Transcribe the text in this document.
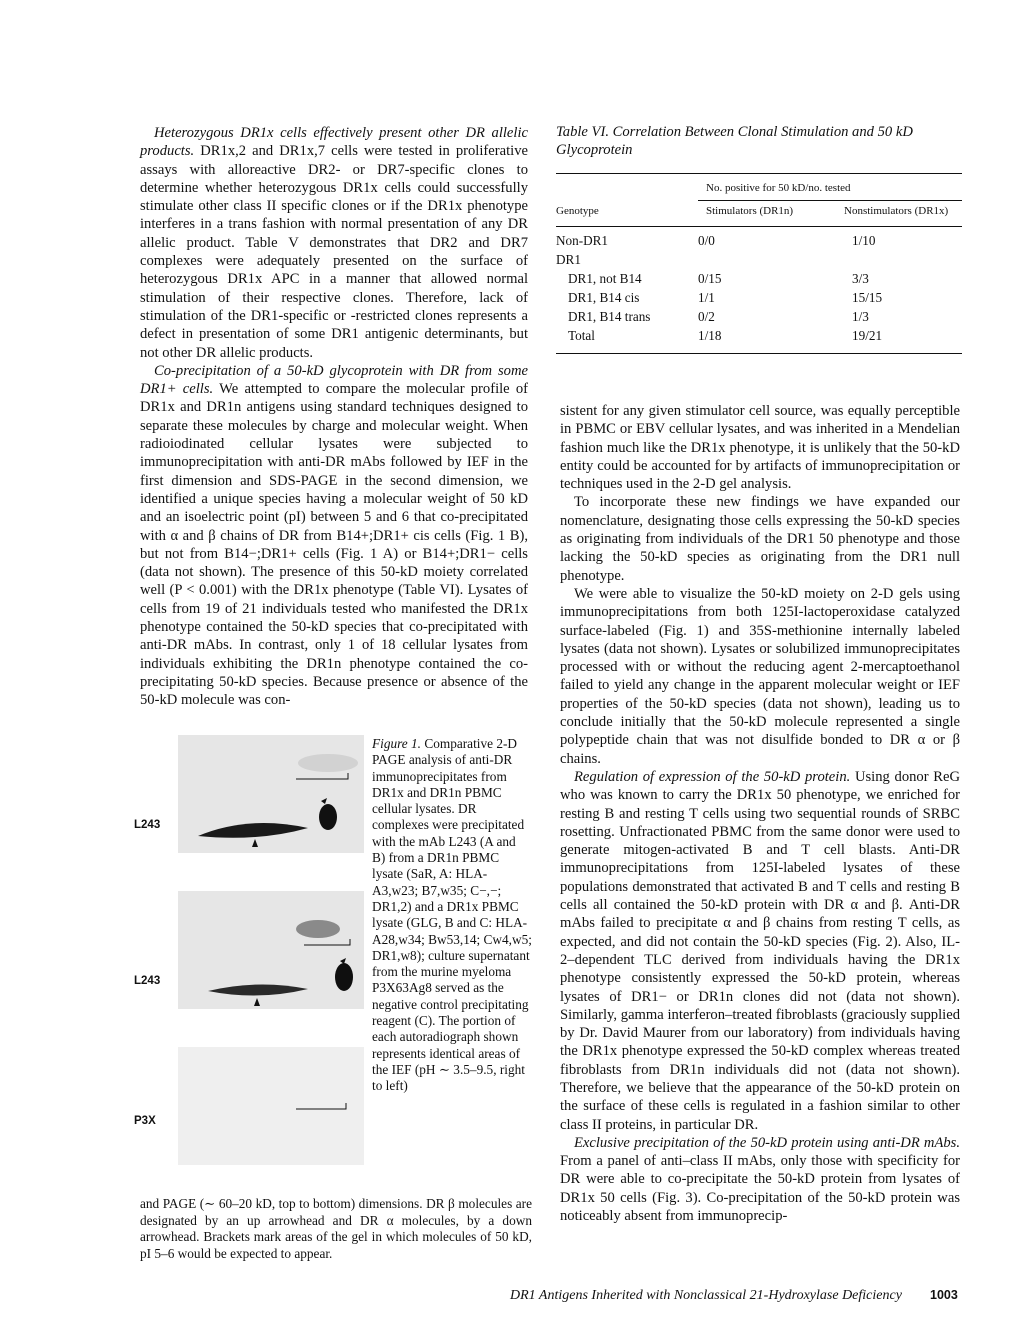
Heterozygous DR1x cells effectively present other DR allelic products. DR1x,2 and DR1x,7 cells were tested in proliferative assays with alloreactive DR2- or DR7-specific clones to determine whether heterozygous DR1x cells could successfully stimulate other class II specific clones or if the DR1x phenotype interferes in a trans fashion with normal presentation of any DR allelic product. Table V demonstrates that DR2 and DR7 complexes were adequately presented on the surface of heterozygous DR1x APC in a manner that allowed normal stimulation of their respective clones. Therefore, lack of stimulation of the DR1-specific or -restricted clones represents a defect in presentation of some DR1 antigenic determinants, but not other DR allelic products.

Co-precipitation of a 50-kD glycoprotein with DR from some DR1+ cells. We attempted to compare the molecular profile of DR1x and DR1n antigens using standard techniques designed to separate these molecules by charge and molecular weight. When radioiodinated cellular lysates were subjected to immunoprecipitation with anti-DR mAbs followed by IEF in the first dimension and SDS-PAGE in the second dimension, we identified a unique species having a molecular weight of 50 kD and an isoelectric point (pI) between 5 and 6 that co-precipitated with α and β chains of DR from B14+;DR1+ cis cells (Fig. 1 B), but not from B14−;DR1+ cells (Fig. 1 A) or B14+;DR1− cells (data not shown). The presence of this 50-kD moiety correlated well (P < 0.001) with the DR1x phenotype (Table VI). Lysates of cells from 19 of 21 individuals tested who manifested the DR1x phenotype contained the 50-kD species that co-precipitated with anti-DR mAbs. In contrast, only 1 of 18 cellular lysates from individuals exhibiting the DR1n phenotype contained the co-precipitating 50-kD species. Because presence or absence of the 50-kD molecule was con-

Table VI. Correlation Between Clonal Stimulation and 50 kD Glycoprotein
No. positive for 50 kD/no. tested
Genotype	Stimulators (DR1n)	Nonstimulators (DR1x)
Non-DR1	0/0	1/10
DR1
DR1, not B14	0/15	3/3
DR1, B14 cis	1/1	15/15
DR1, B14 trans	0/2	1/3
Total	1/18	19/21

sistent for any given stimulator cell source, was equally perceptible in PBMC or EBV cellular lysates, and was inherited in a Mendelian fashion much like the DR1x phenotype, it is unlikely that the 50-kD entity could be accounted for by artifacts of immunoprecipitation or techniques used in the 2-D gel analysis.

To incorporate these new findings we have expanded our nomenclature, designating those cells expressing the 50-kD species as originating from individuals of the DR1 50 phenotype and those lacking the 50-kD species as originating from the DR1 null phenotype.

We were able to visualize the 50-kD moiety on 2-D gels using immunoprecipitations from both 125I-lactoperoxidase catalyzed surface-labeled (Fig. 1) and 35S-methionine internally labeled lysates (data not shown). Lysates or solubilized immunoprecipitates processed with or without the reducing agent 2-mercaptoethanol failed to yield any change in the apparent molecular weight or IEF properties of the 50-kD species (data not shown), leading us to conclude initially that the 50-kD molecule represented a single polypeptide chain that was not disulfide bonded to DR α or β chains.

Regulation of expression of the 50-kD protein. Using donor ReG who was known to carry the DR1x 50 phenotype, we enriched for resting B and resting T cells using two sequential rounds of SRBC rosetting. Unfractionated PBMC from the same donor were used to generate mitogen-activated B and T cell blasts. Anti-DR immunoprecipitations from 125I-labeled lysates of these populations demonstrated that activated B and T cells and resting B cells all contained the 50-kD protein with DR α and β. Anti-DR mAbs failed to precipitate α and β chains from resting T cells, as expected, and did not contain the 50-kD species (Fig. 2). Also, IL-2–dependent TLC derived from individuals having the DR1x phenotype consistently expressed the 50-kD protein, whereas lysates of DR1− or DR1n clones did not (data not shown). Similarly, gamma interferon–treated fibroblasts (graciously supplied by Dr. David Maurer from our laboratory) from individuals having the DR1x phenotype expressed the 50-kD complex whereas treated fibroblasts from DR1n individuals did not (data not shown). Therefore, we believe that the appearance of the 50-kD protein on the surface of these cells is regulated in a fashion similar to other class II proteins, in particular DR.

Exclusive precipitation of the 50-kD protein using anti-DR mAbs. From a panel of anti–class II mAbs, only those with specificity for DR were able to co-precipitate the 50-kD protein from lysates of DR1x 50 cells (Fig. 3). Co-precipitation of the 50-kD protein was noticeably absent from immunoprecip-

L243
L243
P3X
Figure 1. Comparative 2-D PAGE analysis of anti-DR immunoprecipitates from DR1x and DR1n PBMC cellular lysates. DR complexes were precipitated with the mAb L243 (A and B) from a DR1n PBMC lysate (SaR, A: HLA-A3,w23; B7,w35; C−,−; DR1,2) and a DR1x PBMC lysate (GLG, B and C: HLA-A28,w34; Bw53,14; Cw4,w5; DR1,w8); culture supernatant from the murine myeloma P3X63Ag8 served as the negative control precipitating reagent (C). The portion of each autoradiograph shown represents identical areas of the IEF (pH ∼ 3.5–9.5, right to left)
and PAGE (∼ 60–20 kD, top to bottom) dimensions. DR β molecules are designated by an up arrowhead and DR α molecules, by a down arrowhead. Brackets mark areas of the gel in which molecules of 50 kD, pI 5–6 would be expected to appear.
DR1 Antigens Inherited with Nonclassical 21-Hydroxylase Deficiency 1003
